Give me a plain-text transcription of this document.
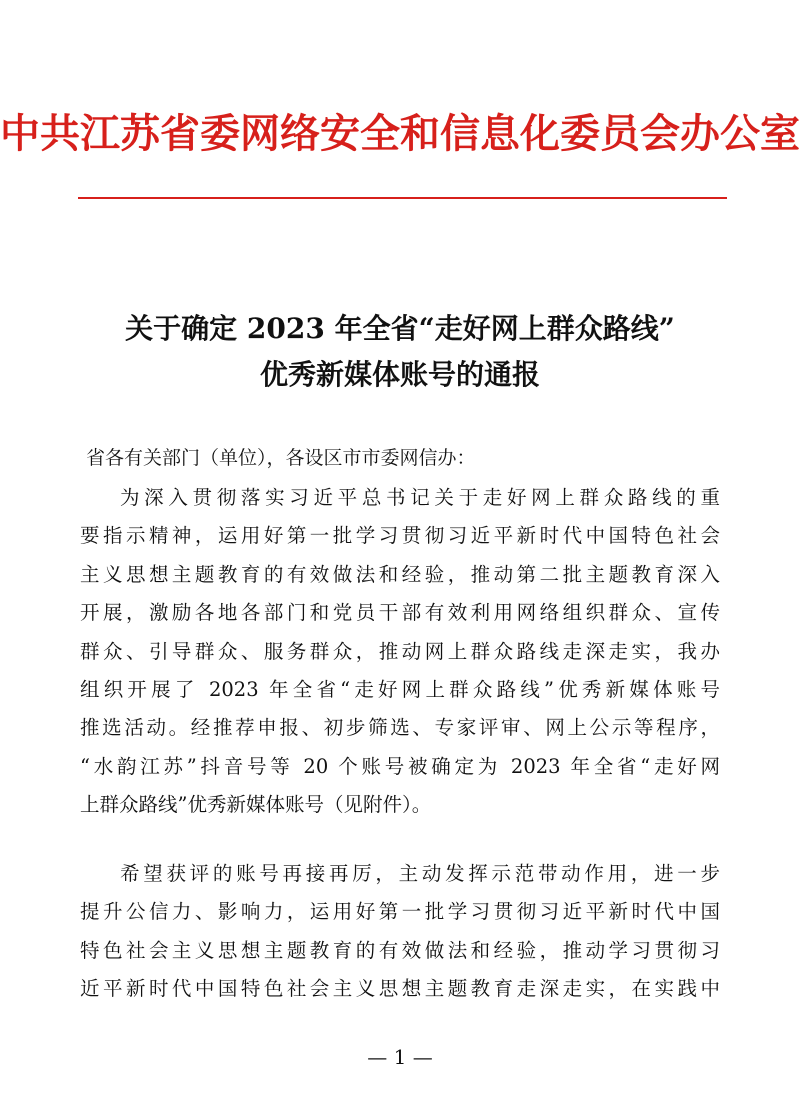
中共江苏省委网络安全和信息化委员会办公室
关于确定 2023 年全省“走好网上群众路线”
优秀新媒体账号的通报
省各有关部门（单位），各设区市市委网信办：
为深入贯彻落实习近平总书记关于走好网上群众路线的重
要指示精神，运用好第一批学习贯彻习近平新时代中国特色社会
主义思想主题教育的有效做法和经验，推动第二批主题教育深入
开展，激励各地各部门和党员干部有效利用网络组织群众、宣传
群众、引导群众、服务群众，推动网上群众路线走深走实，我办
组织开展了 2023 年全省“走好网上群众路线”优秀新媒体账号
推选活动。经推荐申报、初步筛选、专家评审、网上公示等程序，
“水韵江苏”抖音号等 20 个账号被确定为 2023 年全省“走好网
上群众路线”优秀新媒体账号（见附件）。
希望获评的账号再接再厉，主动发挥示范带动作用，进一步
提升公信力、影响力，运用好第一批学习贯彻习近平新时代中国
特色社会主义思想主题教育的有效做法和经验，推动学习贯彻习
近平新时代中国特色社会主义思想主题教育走深走实，在实践中
— 1 —
